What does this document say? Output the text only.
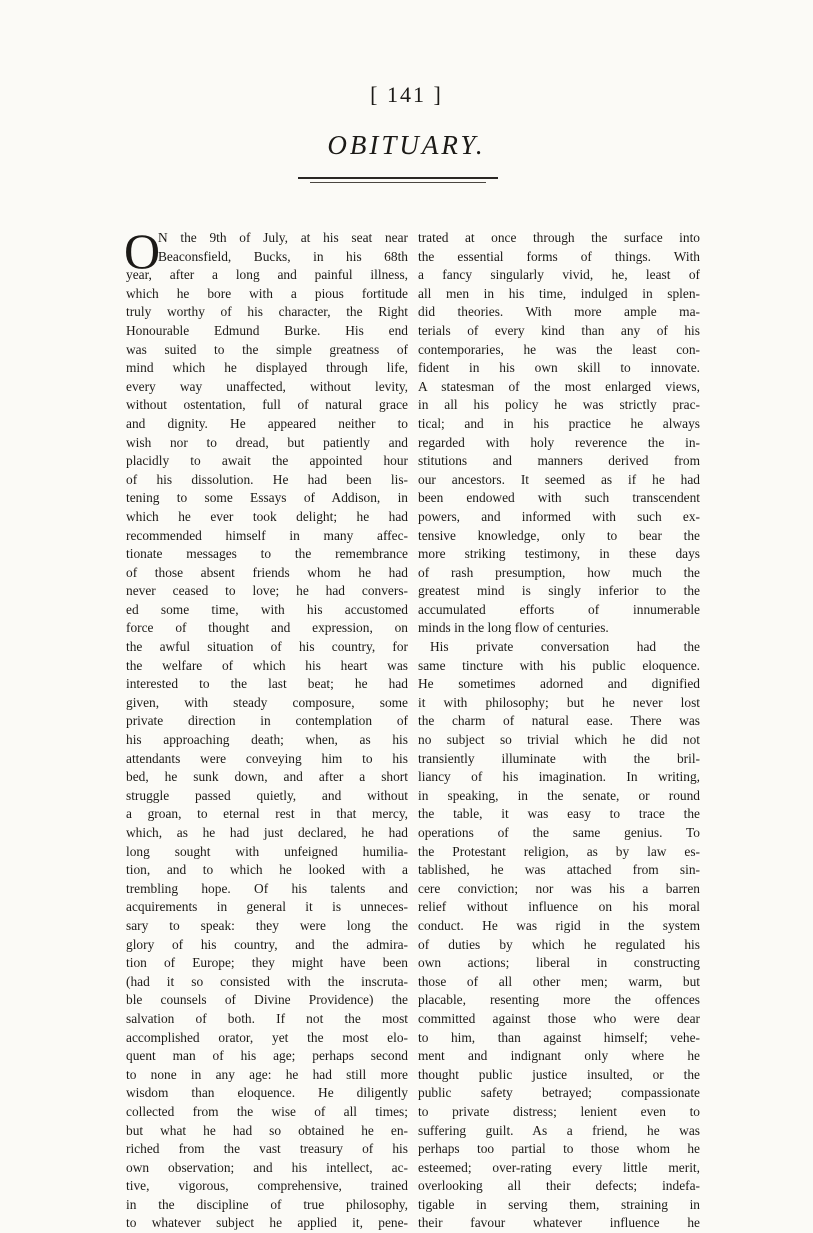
[ 141 ]
OBITUARY.
O
N the 9th of July, at his seat near
Beaconsfield, Bucks, in his 68th
year, after a long and painful illness,
which he bore with a pious fortitude
truly worthy of his character, the Right
Honourable Edmund Burke. His end
was suited to the simple greatness of
mind which he displayed through life,
every way unaffected, without levity,
without ostentation, full of natural grace
and dignity. He appeared neither to
wish nor to dread, but patiently and
placidly to await the appointed hour
of his dissolution. He had been lis-
tening to some Essays of Addison, in
which he ever took delight; he had
recommended himself in many affec-
tionate messages to the remembrance
of those absent friends whom he had
never ceased to love; he had convers-
ed some time, with his accustomed
force of thought and expression, on
the awful situation of his country, for
the welfare of which his heart was
interested to the last beat; he had
given, with steady composure, some
private direction in contemplation of
his approaching death; when, as his
attendants were conveying him to his
bed, he sunk down, and after a short
struggle passed quietly, and without
a groan, to eternal rest in that mercy,
which, as he had just declared, he had
long sought with unfeigned humilia-
tion, and to which he looked with a
trembling hope. Of his talents and
acquirements in general it is unneces-
sary to speak: they were long the
glory of his country, and the admira-
tion of Europe; they might have been
(had it so consisted with the inscruta-
ble counsels of Divine Providence) the
salvation of both. If not the most
accomplished orator, yet the most elo-
quent man of his age; perhaps second
to none in any age: he had still more
wisdom than eloquence. He diligently
collected from the wise of all times;
but what he had so obtained he en-
riched from the vast treasury of his
own observation; and his intellect, ac-
tive, vigorous, comprehensive, trained
in the discipline of true philosophy,
to whatever subject he applied it, pene-
trated at once through the surface into
the essential forms of things. With
a fancy singularly vivid, he, least of
all men in his time, indulged in splen-
did theories. With more ample ma-
terials of every kind than any of his
contemporaries, he was the least con-
fident in his own skill to innovate.
A statesman of the most enlarged views,
in all his policy he was strictly prac-
tical; and in his practice he always
regarded with holy reverence the in-
stitutions and manners derived from
our ancestors. It seemed as if he had
been endowed with such transcendent
powers, and informed with such ex-
tensive knowledge, only to bear the
more striking testimony, in these days
of rash presumption, how much the
greatest mind is singly inferior to the
accumulated efforts of innumerable
minds in the long flow of centuries.
His private conversation had the
same tincture with his public eloquence.
He sometimes adorned and dignified
it with philosophy; but he never lost
the charm of natural ease. There was
no subject so trivial which he did not
transiently illuminate with the bril-
liancy of his imagination. In writing,
in speaking, in the senate, or round
the table, it was easy to trace the
operations of the same genius. To
the Protestant religion, as by law es-
tablished, he was attached from sin-
cere conviction; nor was his a barren
relief without influence on his moral
conduct. He was rigid in the system
of duties by which he regulated his
own actions; liberal in constructing
those of all other men; warm, but
placable, resenting more the offences
committed against those who were dear
to him, than against himself; vehe-
ment and indignant only where he
thought public justice insulted, or the
public safety betrayed; compassionate
to private distress; lenient even to
suffering guilt. As a friend, he was
perhaps too partial to those whom he
esteemed; over-rating every little merit,
overlooking all their defects; indefa-
tigable in serving them, straining in
their favour whatever influence he
